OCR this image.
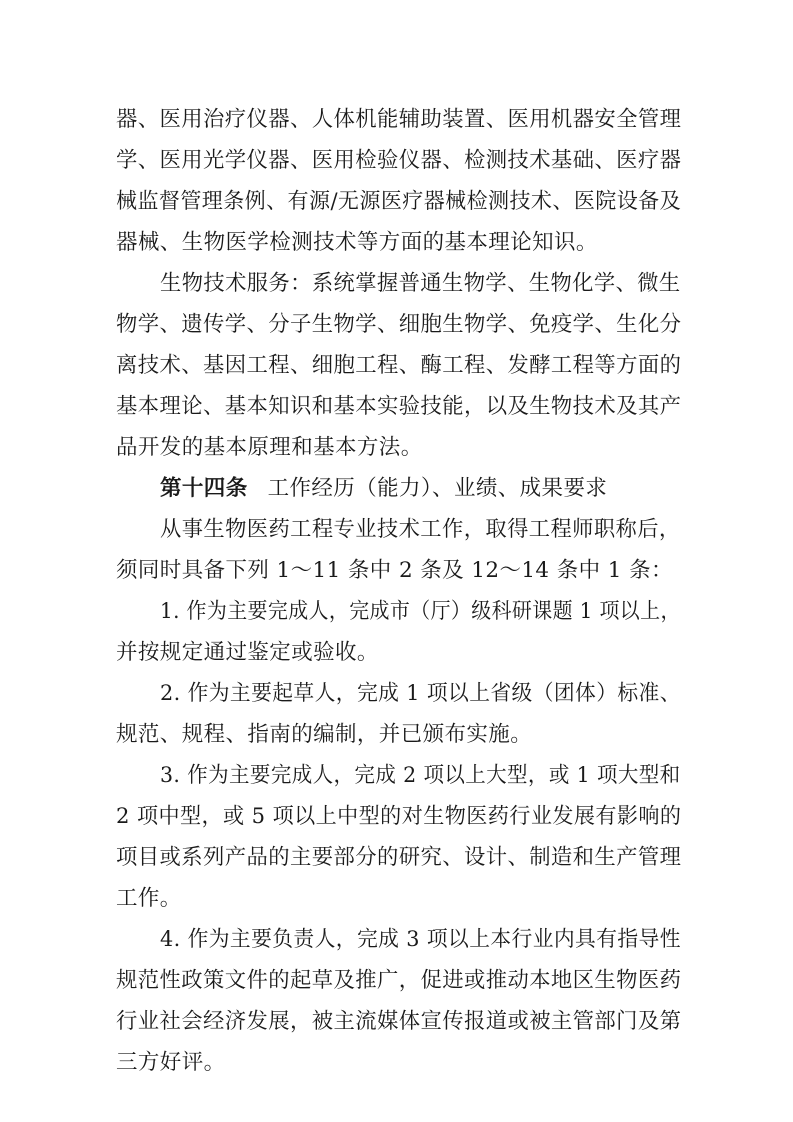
器、医用治疗仪器、人体机能辅助装置、医用机器安全管理
学、医用光学仪器、医用检验仪器、检测技术基础、医疗器
械监督管理条例、有源/无源医疗器械检测技术、医院设备及
器械、生物医学检测技术等方面的基本理论知识。
生物技术服务：系统掌握普通生物学、生物化学、微生
物学、遗传学、分子生物学、细胞生物学、免疫学、生化分
离技术、基因工程、细胞工程、酶工程、发酵工程等方面的
基本理论、基本知识和基本实验技能，以及生物技术及其产
品开发的基本原理和基本方法。
第十四条 工作经历（能力）、业绩、成果要求
从事生物医药工程专业技术工作，取得工程师职称后，
须同时具备下列 1～11 条中 2 条及 12～14 条中 1 条：
1. 作为主要完成人，完成市（厅）级科研课题 1 项以上，
并按规定通过鉴定或验收。
2. 作为主要起草人，完成 1 项以上省级（团体）标准、
规范、规程、指南的编制，并已颁布实施。
3. 作为主要完成人，完成 2 项以上大型，或 1 项大型和
2 项中型，或 5 项以上中型的对生物医药行业发展有影响的
项目或系列产品的主要部分的研究、设计、制造和生产管理
工作。
4. 作为主要负责人，完成 3 项以上本行业内具有指导性
规范性政策文件的起草及推广，促进或推动本地区生物医药
行业社会经济发展，被主流媒体宣传报道或被主管部门及第
三方好评。
